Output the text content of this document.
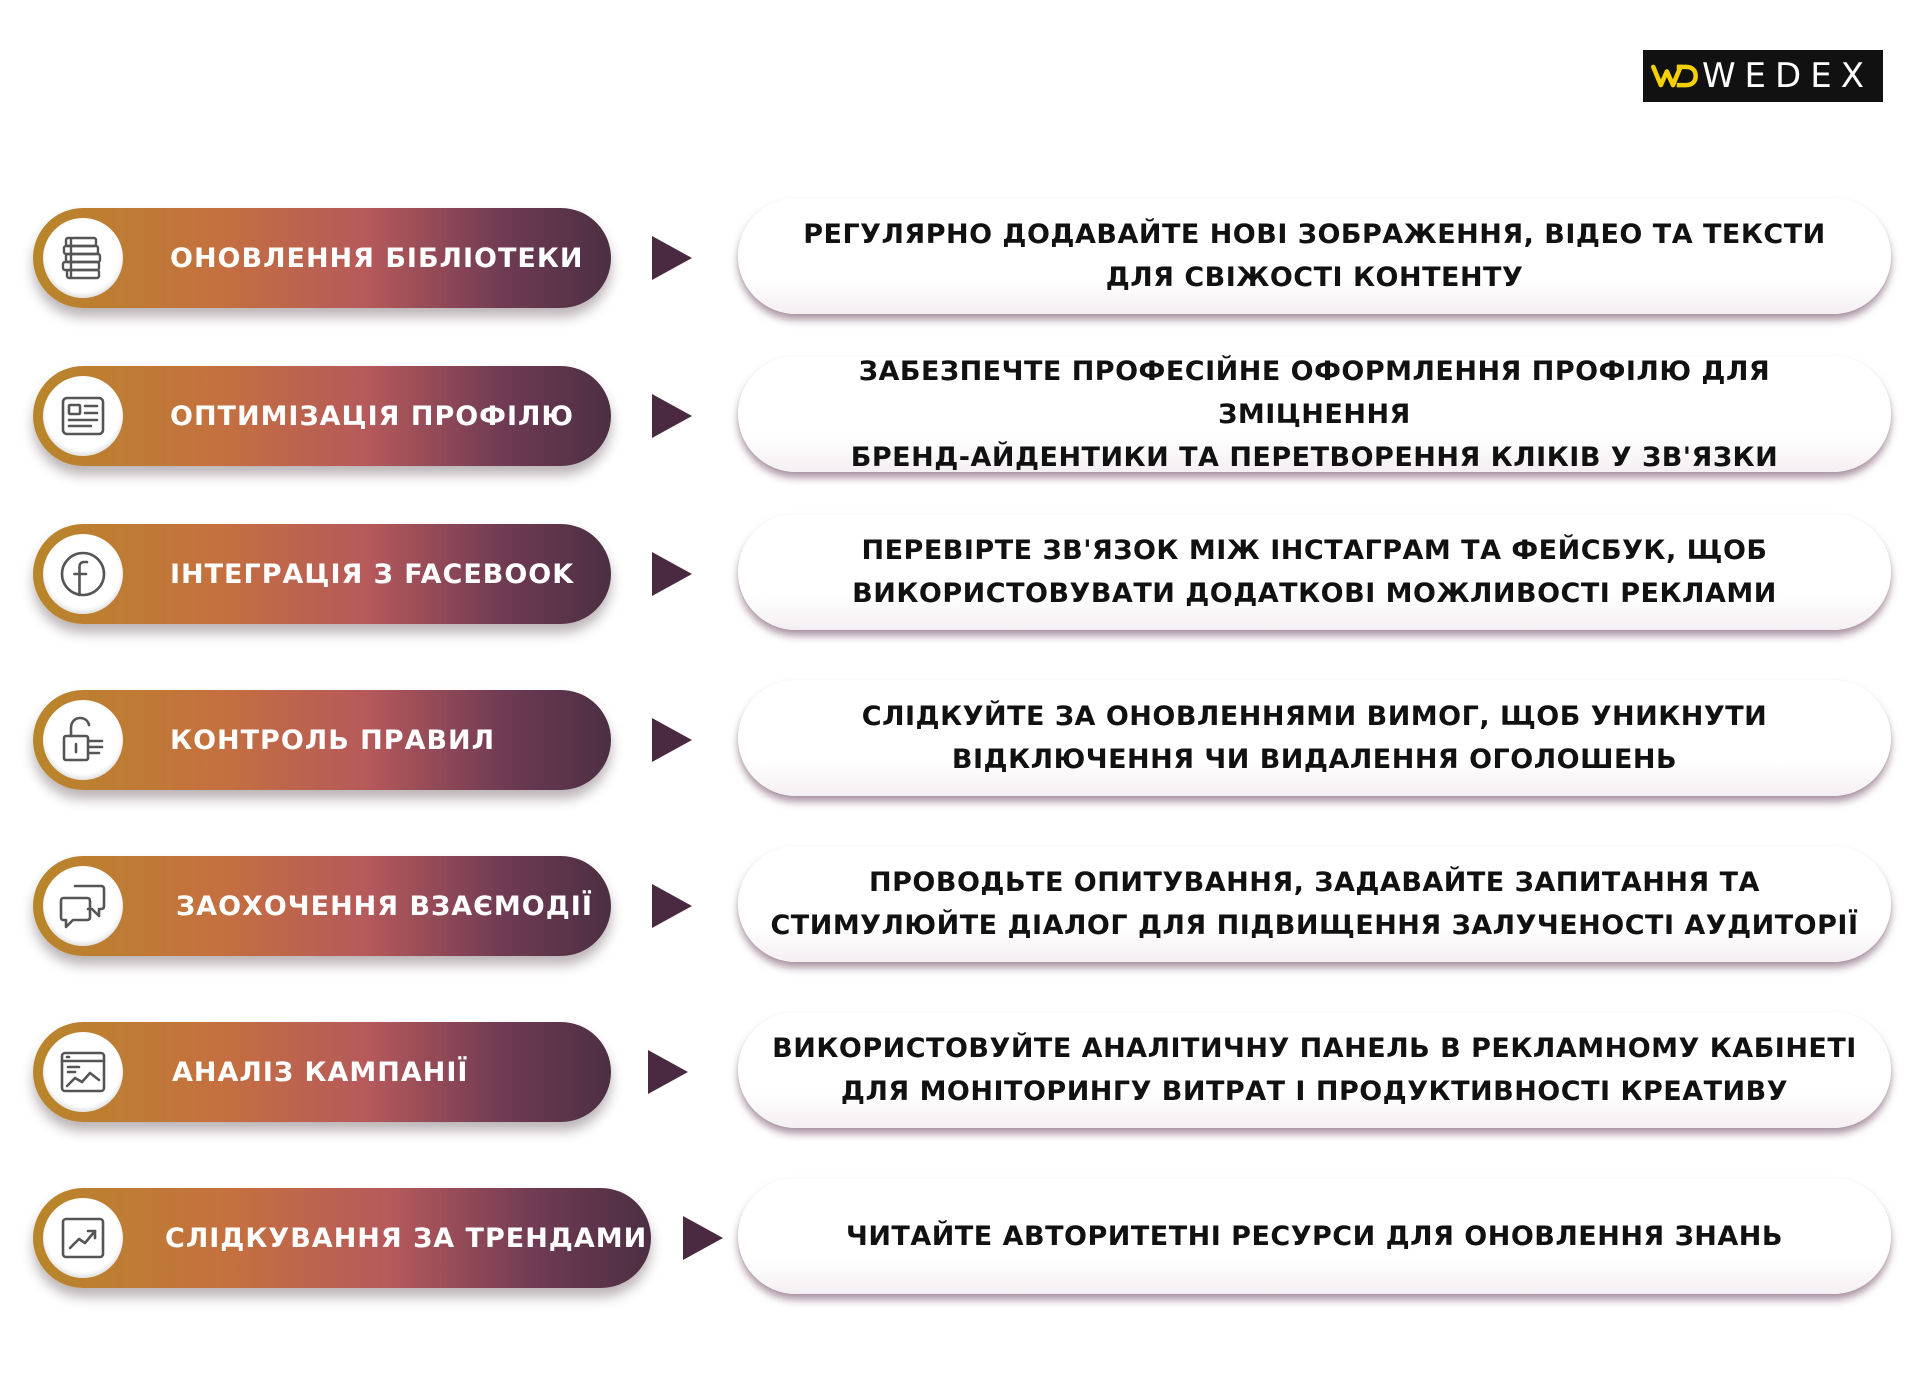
WEDEX
ОНОВЛЕННЯ БІБЛІОТЕКИ
РЕГУЛЯРНО ДОДАВАЙТЕ НОВІ ЗОБРАЖЕННЯ, ВІДЕО ТА ТЕКСТИ
ДЛЯ СВІЖОСТІ КОНТЕНТУ
ОПТИМІЗАЦІЯ ПРОФІЛЮ
ЗАБЕЗПЕЧТЕ ПРОФЕСІЙНЕ ОФОРМЛЕННЯ ПРОФІЛЮ ДЛЯ ЗМІЦНЕННЯ
БРЕНД-АЙДЕНТИКИ ТА ПЕРЕТВОРЕННЯ КЛІКІВ У ЗВ'ЯЗКИ
ІНТЕГРАЦІЯ З FACEBOOK
ПЕРЕВІРТЕ ЗВ'ЯЗОК МІЖ ІНСТАГРАМ ТА ФЕЙСБУК, ЩОБ
ВИКОРИСТОВУВАТИ ДОДАТКОВІ МОЖЛИВОСТІ РЕКЛАМИ
КОНТРОЛЬ ПРАВИЛ
СЛІДКУЙТЕ ЗА ОНОВЛЕННЯМИ ВИМОГ, ЩОБ УНИКНУТИ
ВІДКЛЮЧЕННЯ ЧИ ВИДАЛЕННЯ ОГОЛОШЕНЬ
ЗАОХОЧЕННЯ ВЗАЄМОДІЇ
ПРОВОДЬТЕ ОПИТУВАННЯ, ЗАДАВАЙТЕ ЗАПИТАННЯ ТА
СТИМУЛЮЙТЕ ДІАЛОГ ДЛЯ ПІДВИЩЕННЯ ЗАЛУЧЕНОСТІ АУДИТОРІЇ
АНАЛІЗ КАМПАНІЇ
ВИКОРИСТОВУЙТЕ АНАЛІТИЧНУ ПАНЕЛЬ В РЕКЛАМНОМУ КАБІНЕТІ
ДЛЯ МОНІТОРИНГУ ВИТРАТ І ПРОДУКТИВНОСТІ КРЕАТИВУ
СЛІДКУВАННЯ ЗА ТРЕНДАМИ	ЧИТАЙТЕ АВТОРИТЕТНІ РЕСУРСИ ДЛЯ ОНОВЛЕННЯ ЗНАНЬ
